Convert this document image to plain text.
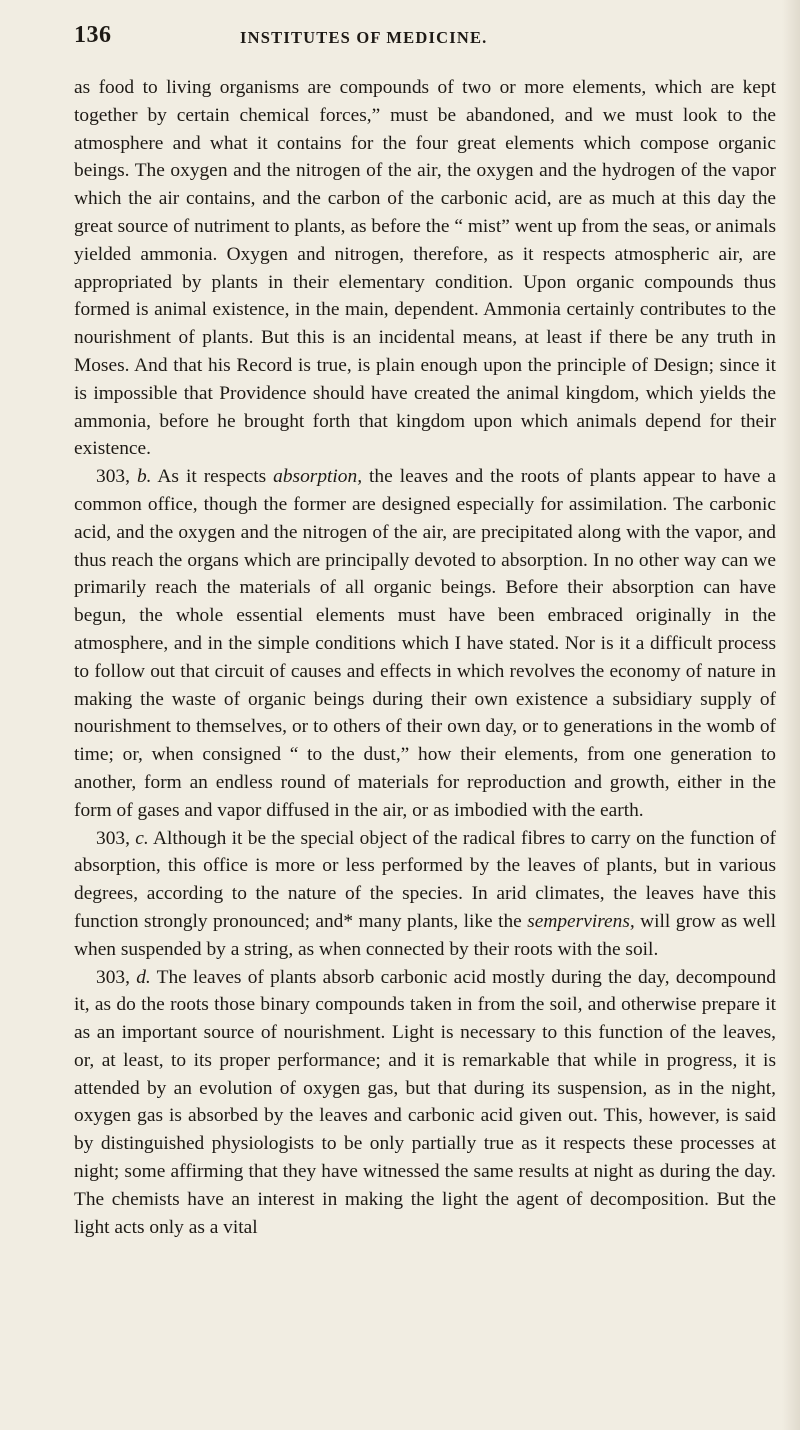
136	INSTITUTES OF MEDICINE.

as food to living organisms are compounds of two or more elements, which are kept together by certain chemical forces,” must be abandoned, and we must look to the atmosphere and what it contains for the four great elements which compose organic beings. The oxygen and the nitrogen of the air, the oxygen and the hydrogen of the vapor which the air contains, and the carbon of the carbonic acid, are as much at this day the great source of nutriment to plants, as before the “ mist” went up from the seas, or animals yielded ammonia. Oxygen and nitrogen, therefore, as it respects atmospheric air, are appropriated by plants in their elementary condition. Upon organic compounds thus formed is animal existence, in the main, dependent. Ammonia certainly contributes to the nourishment of plants. But this is an incidental means, at least if there be any truth in Moses. And that his Record is true, is plain enough upon the principle of Design; since it is impossible that Providence should have created the animal kingdom, which yields the ammonia, before he brought forth that kingdom upon which animals depend for their existence.

303, b. As it respects absorption, the leaves and the roots of plants appear to have a common office, though the former are designed especially for assimilation. The carbonic acid, and the oxygen and the nitrogen of the air, are precipitated along with the vapor, and thus reach the organs which are principally devoted to absorption. In no other way can we primarily reach the materials of all organic beings. Before their absorption can have begun, the whole essential elements must have been embraced originally in the atmosphere, and in the simple conditions which I have stated. Nor is it a difficult process to follow out that circuit of causes and effects in which revolves the economy of nature in making the waste of organic beings during their own existence a subsidiary supply of nourishment to themselves, or to others of their own day, or to generations in the womb of time; or, when consigned “ to the dust,” how their elements, from one generation to another, form an endless round of materials for reproduction and growth, either in the form of gases and vapor diffused in the air, or as imbodied with the earth.

303, c. Although it be the special object of the radical fibres to carry on the function of absorption, this office is more or less performed by the leaves of plants, but in various degrees, according to the nature of the species. In arid climates, the leaves have this function strongly pronounced; and* many plants, like the sempervirens, will grow as well when suspended by a string, as when connected by their roots with the soil.

303, d. The leaves of plants absorb carbonic acid mostly during the day, decompound it, as do the roots those binary compounds taken in from the soil, and otherwise prepare it as an important source of nourishment. Light is necessary to this function of the leaves, or, at least, to its proper performance; and it is remarkable that while in progress, it is attended by an evolution of oxygen gas, but that during its suspension, as in the night, oxygen gas is absorbed by the leaves and carbonic acid given out. This, however, is said by distinguished physiologists to be only partially true as it respects these processes at night; some affirming that they have witnessed the same results at night as during the day. The chemists have an interest in making the light the agent of decomposition. But the light acts only as a vital
